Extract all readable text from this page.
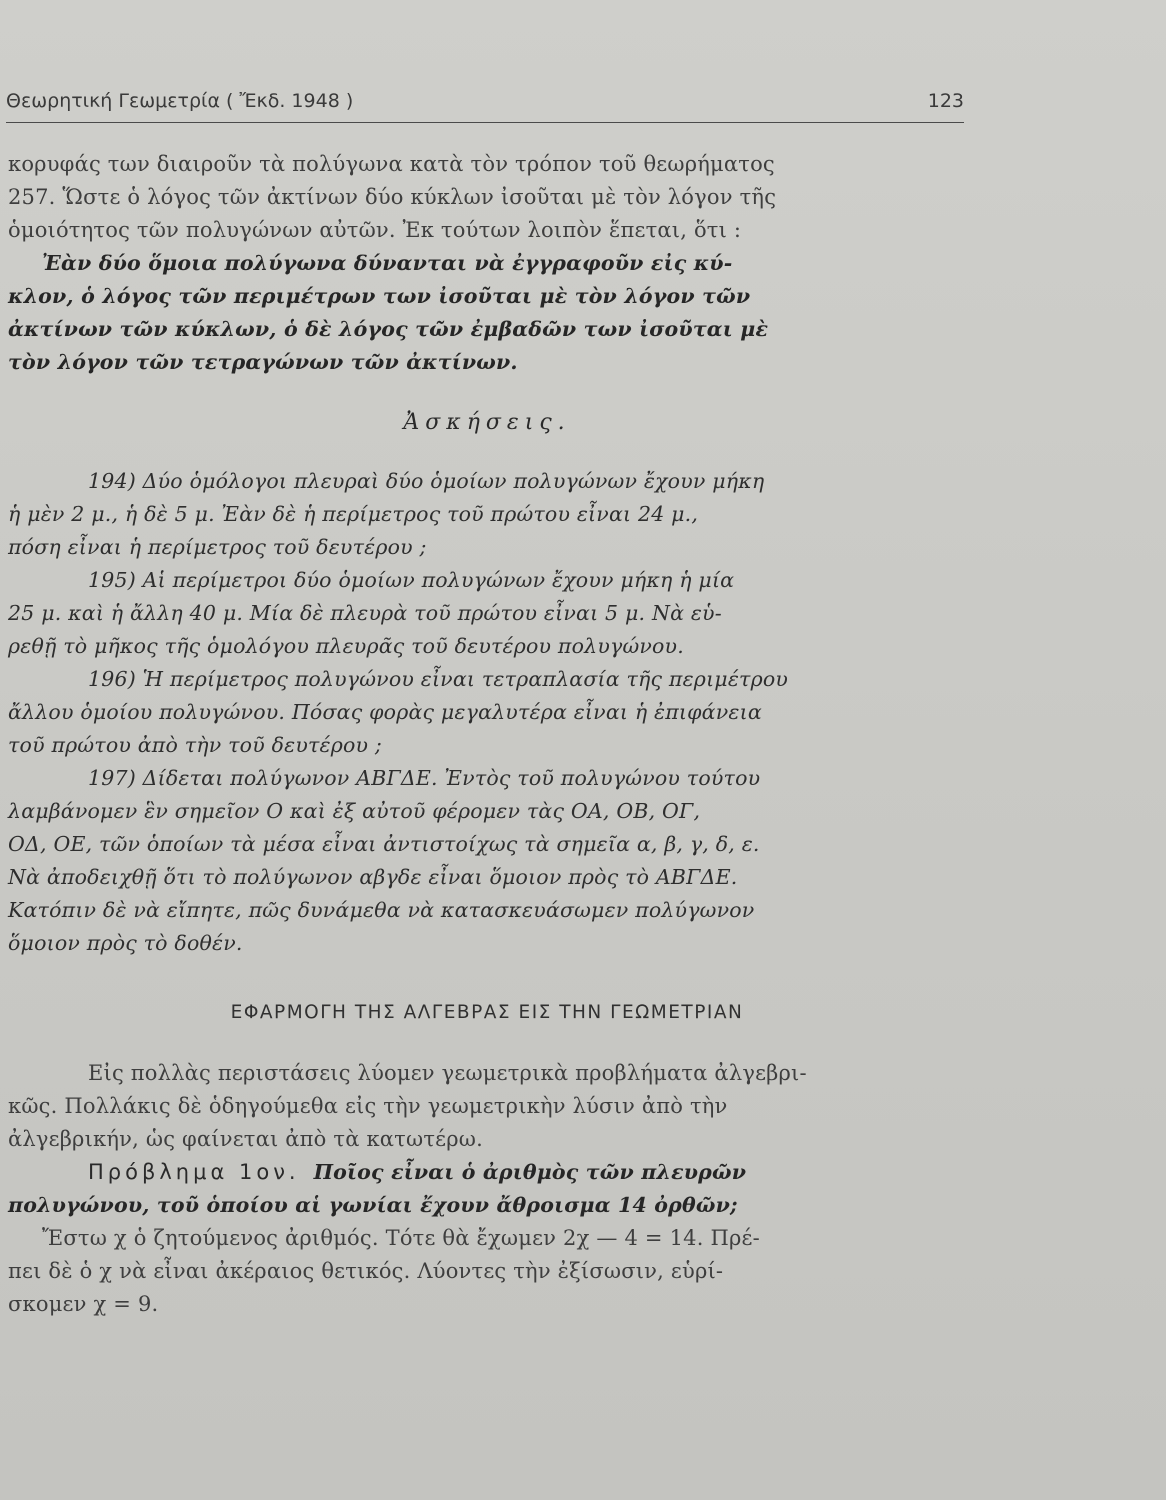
Θεωρητική Γεωμετρία ( Ἔκδ. 1948 )	123
κορυφάς των διαιροῦν τὰ πολύγωνα κατὰ τὸν τρόπον τοῦ θεωρήματος
257. Ὥστε ὁ λόγος τῶν ἀκτίνων δύο κύκλων ἰσοῦται μὲ τὸν λόγον τῆς
ὁμοιότητος τῶν πολυγώνων αὐτῶν. Ἐκ τούτων λοιπὸν ἕπεται, ὅτι :
Ἐὰν δύο ὅμοια πολύγωνα δύνανται νὰ ἐγγραφοῦν εἰς κύ-
κλον, ὁ λόγος τῶν περιμέτρων των ἰσοῦται μὲ τὸν λόγον τῶν
ἀκτίνων τῶν κύκλων, ὁ δὲ λόγος τῶν ἐμβαδῶν των ἰσοῦται μὲ
τὸν λόγον τῶν τετραγώνων τῶν ἀκτίνων.
Ἀσκήσεις.
194) Δύο ὁμόλογοι πλευραὶ δύο ὁμοίων πολυγώνων ἔχουν μήκη
ἡ μὲν 2 μ., ἡ δὲ 5 μ. Ἐὰν δὲ ἡ περίμετρος τοῦ πρώτου εἶναι 24 μ.,
πόση εἶναι ἡ περίμετρος τοῦ δευτέρου ;
195) Αἱ περίμετροι δύο ὁμοίων πολυγώνων ἔχουν μήκη ἡ μία
25 μ. καὶ ἡ ἄλλη 40 μ. Μία δὲ πλευρὰ τοῦ πρώτου εἶναι 5 μ. Νὰ εὑ-
ρεθῇ τὸ μῆκος τῆς ὁμολόγου πλευρᾶς τοῦ δευτέρου πολυγώνου.
196) Ἡ περίμετρος πολυγώνου εἶναι τετραπλασία τῆς περιμέτρου
ἄλλου ὁμοίου πολυγώνου. Πόσας φορὰς μεγαλυτέρα εἶναι ἡ ἐπιφάνεια
τοῦ πρώτου ἀπὸ τὴν τοῦ δευτέρου ;
197) Δίδεται πολύγωνον ΑΒΓΔΕ. Ἐντὸς τοῦ πολυγώνου τούτου
λαμβάνομεν ἓν σημεῖον Ο καὶ ἐξ αὐτοῦ φέρομεν τὰς ΟΑ, ΟΒ, ΟΓ,
ΟΔ, ΟΕ, τῶν ὁποίων τὰ μέσα εἶναι ἀντιστοίχως τὰ σημεῖα α, β, γ, δ, ε.
Νὰ ἀποδειχθῇ ὅτι τὸ πολύγωνον αβγδε εἶναι ὅμοιον πρὸς τὸ ΑΒΓΔΕ.
Κατόπιν δὲ νὰ εἴπητε, πῶς δυνάμεθα νὰ κατασκευάσωμεν πολύγωνον
ὅμοιον πρὸς τὸ δοθέν.
ΕΦΑΡΜΟΓΗ ΤΗΣ ΑΛΓΕΒΡΑΣ ΕΙΣ ΤΗΝ ΓΕΩΜΕΤΡΙΑΝ
Εἰς πολλὰς περιστάσεις λύομεν γεωμετρικὰ προβλήματα ἀλγεβρι-
κῶς. Πολλάκις δὲ ὁδηγούμεθα εἰς τὴν γεωμετρικὴν λύσιν ἀπὸ τὴν
ἀλγεβρικήν, ὡς φαίνεται ἀπὸ τὰ κατωτέρω.
Πρόβλημα 1ον. Ποῖος εἶναι ὁ ἀριθμὸς τῶν πλευρῶν
πολυγώνου, τοῦ ὁποίου αἱ γωνίαι ἔχουν ἄθροισμα 14 ὀρθῶν;
Ἔστω χ ὁ ζητούμενος ἀριθμός. Τότε θὰ ἔχωμεν 2χ — 4 = 14. Πρέ-
πει δὲ ὁ χ νὰ εἶναι ἀκέραιος θετικός. Λύοντες τὴν ἐξίσωσιν, εὑρί-
σκομεν χ = 9.
